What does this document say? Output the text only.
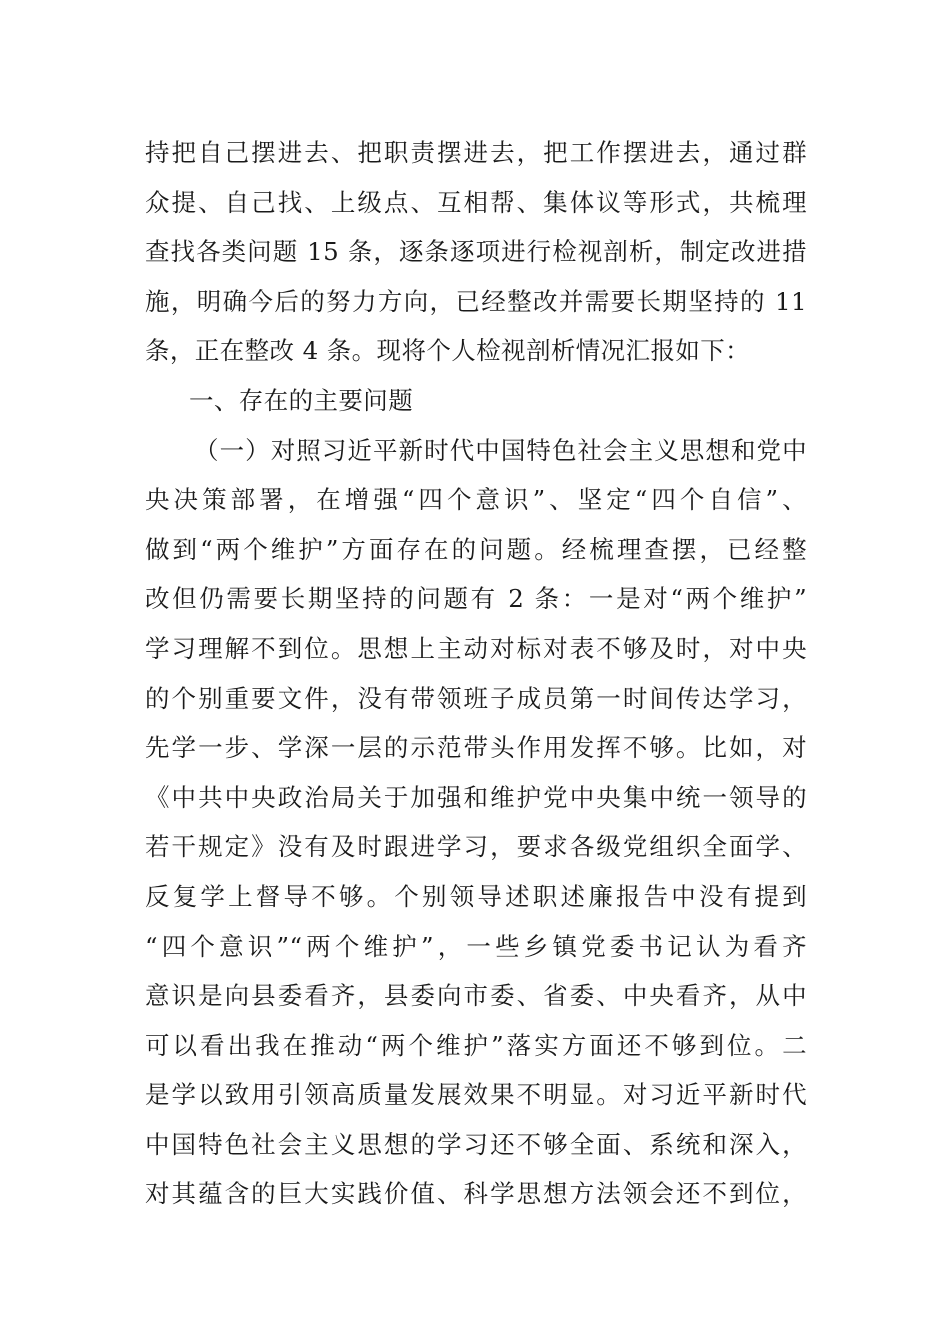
持把自己摆进去、把职责摆进去，把工作摆进去，通过群
众提、自己找、上级点、互相帮、集体议等形式，共梳理
查找各类问题 15 条，逐条逐项进行检视剖析，制定改进措
施，明确今后的努力方向，已经整改并需要长期坚持的 11
条，正在整改 4 条。现将个人检视剖析情况汇报如下：
一、存在的主要问题
（一）对照习近平新时代中国特色社会主义思想和党中
央决策部署，在增强“四个意识”、坚定“四个自信”、
做到“两个维护”方面存在的问题。经梳理查摆，已经整
改但仍需要长期坚持的问题有 2 条：一是对“两个维护”
学习理解不到位。思想上主动对标对表不够及时，对中央
的个别重要文件，没有带领班子成员第一时间传达学习，
先学一步、学深一层的示范带头作用发挥不够。比如，对
《中共中央政治局关于加强和维护党中央集中统一领导的
若干规定》没有及时跟进学习，要求各级党组织全面学、
反复学上督导不够。个别领导述职述廉报告中没有提到
“四个意识”“两个维护”，一些乡镇党委书记认为看齐
意识是向县委看齐，县委向市委、省委、中央看齐，从中
可以看出我在推动“两个维护”落实方面还不够到位。二
是学以致用引领高质量发展效果不明显。对习近平新时代
中国特色社会主义思想的学习还不够全面、系统和深入，
对其蕴含的巨大实践价值、科学思想方法领会还不到位，
